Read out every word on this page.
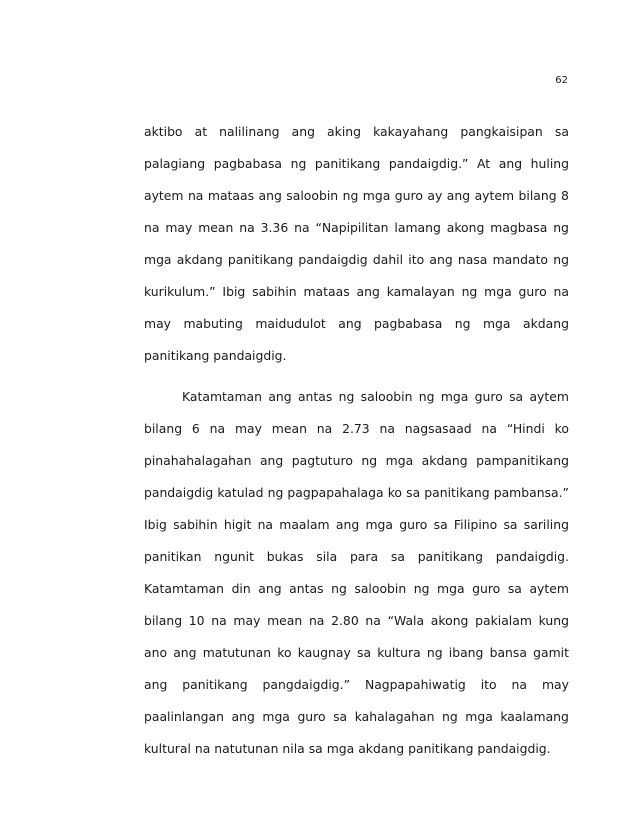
62
aktibo at nalilinang ang aking kakayahang pangkaisipan sa
palagiang pagbabasa ng panitikang pandaigdig.” At ang huling
aytem na mataas ang saloobin ng mga guro ay ang aytem bilang 8
na may mean na 3.36 na “Napipilitan lamang akong magbasa ng
mga akdang panitikang pandaigdig dahil ito ang nasa mandato ng
kurikulum.” Ibig sabihin mataas ang kamalayan ng mga guro na
may mabuting maidudulot ang pagbabasa ng mga akdang
panitikang pandaigdig.
Katamtaman ang antas ng saloobin ng mga guro sa aytem
bilang 6 na may mean na 2.73 na nagsasaad na “Hindi ko
pinahahalagahan ang pagtuturo ng mga akdang pampanitikang
pandaigdig katulad ng pagpapahalaga ko sa panitikang pambansa.”
Ibig sabihin higit na maalam ang mga guro sa Filipino sa sariling
panitikan ngunit bukas sila para sa panitikang pandaigdig.
Katamtaman din ang antas ng saloobin ng mga guro sa aytem
bilang 10 na may mean na 2.80 na “Wala akong pakialam kung
ano ang matutunan ko kaugnay sa kultura ng ibang bansa gamit
ang panitikang pangdaigdig.” Nagpapahiwatig ito na may
paalinlangan ang mga guro sa kahalagahan ng mga kaalamang
kultural na natutunan nila sa mga akdang panitikang pandaigdig.
